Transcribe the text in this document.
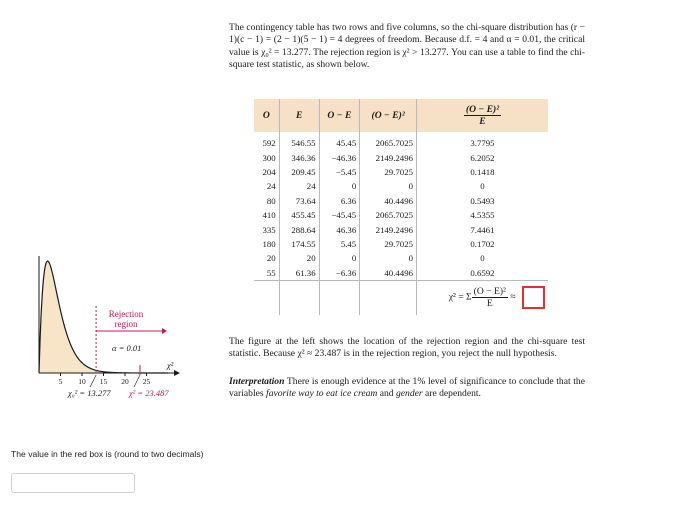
The contingency table has two rows and five columns, so the chi-square distribution has (r − 1)(c − 1) = (2 − 1)(5 − 1) = 4 degrees of freedom. Because d.f. = 4 and α = 0.01, the critical value is χ₀² = 13.277. The rejection region is χ² > 13.277. You can use a table to find the chi-square test statistic, as shown below.
O	E	O − E	(O − E)²	$\frac{\text{(O − E)²}}{E}$

592	546.55	45.45	2065.7025	3.7795
300	346.36	−46.36	2149.2496	6.2052
204	209.45	−5.45	29.7025	0.1418
24	24	0	0	0
80	73.64	6.36	40.4496	0.5493
410	455.45	−45.45	2065.7025	4.5355
335	288.64	46.36	2149.2496	7.4461
180	174.55	5.45	29.7025	0.1702
20	20	0	0	0
55	61.36	−6.36	40.4496	0.6592
				χ² = Σ $\frac{\text{(O − E)²}}{E}$ ≈
5 10 15 20 25
Rejection
region
α = 0.01
χ²
χ₀² = 13.277 χ² = 23.487
The figure at the left shows the location of the rejection region and the chi-square test statistic. Because χ² ≈ 23.487 is in the rejection region, you reject the null hypothesis.
Interpretation There is enough evidence at the 1% level of significance to conclude that the variables favorite way to eat ice cream and gender are dependent.
The value in the red box is (round to two decimals)
